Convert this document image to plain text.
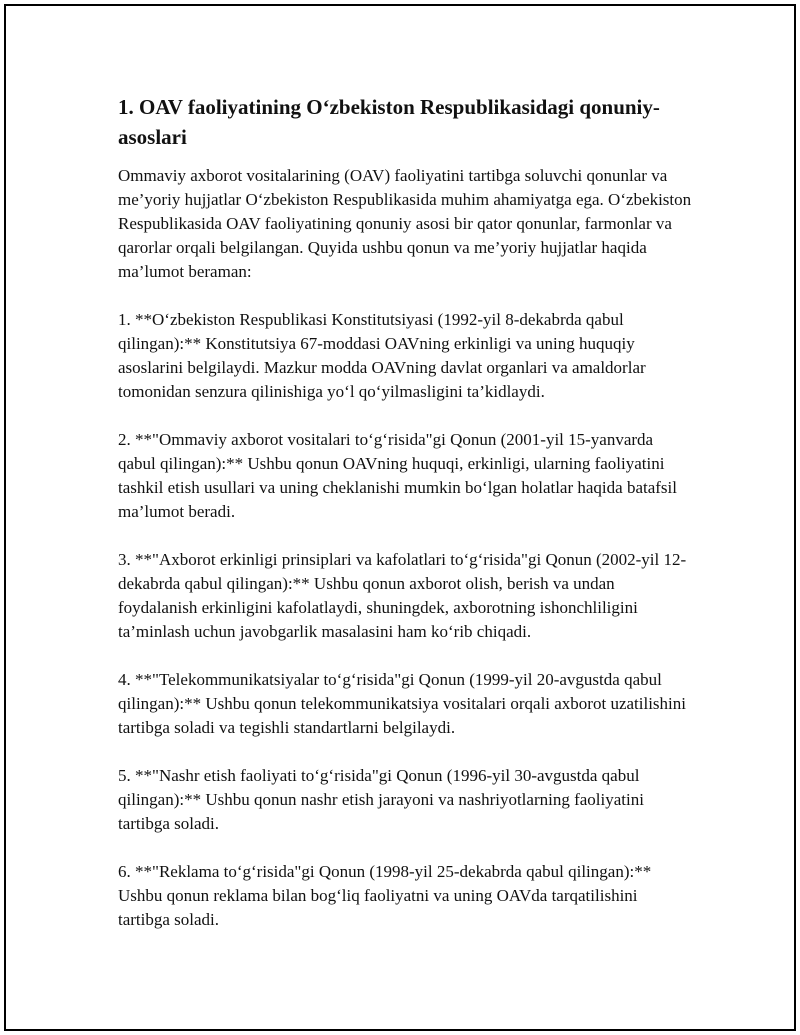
1. OAV faoliyatining O‘zbekiston Respublikasidagi qonuniy-asoslari

Ommaviy axborot vositalarining (OAV) faoliyatini tartibga soluvchi qonunlar va me’yoriy hujjatlar O‘zbekiston Respublikasida muhim ahamiyatga ega. O‘zbekiston Respublikasida OAV faoliyatining qonuniy asosi bir qator qonunlar, farmonlar va qarorlar orqali belgilangan. Quyida ushbu qonun va me’yoriy hujjatlar haqida ma’lumot beraman:

1. **O‘zbekiston Respublikasi Konstitutsiyasi (1992-yil 8-dekabrda qabul qilingan):** Konstitutsiya 67-moddasi OAVning erkinligi va uning huquqiy asoslarini belgilaydi. Mazkur modda OAVning davlat organlari va amaldorlar tomonidan senzura qilinishiga yo‘l qo‘yilmasligini ta’kidlaydi.

2. **"Ommaviy axborot vositalari to‘g‘risida"gi Qonun (2001-yil 15-yanvarda qabul qilingan):** Ushbu qonun OAVning huquqi, erkinligi, ularning faoliyatini tashkil etish usullari va uning cheklanishi mumkin bo‘lgan holatlar haqida batafsil ma’lumot beradi.

3. **"Axborot erkinligi prinsiplari va kafolatlari to‘g‘risida"gi Qonun (2002-yil 12-dekabrda qabul qilingan):** Ushbu qonun axborot olish, berish va undan foydalanish erkinligini kafolatlaydi, shuningdek, axborotning ishonchliligini ta’minlash uchun javobgarlik masalasini ham ko‘rib chiqadi.

4. **"Telekommunikatsiyalar to‘g‘risida"gi Qonun (1999-yil 20-avgustda qabul qilingan):** Ushbu qonun telekommunikatsiya vositalari orqali axborot uzatilishini tartibga soladi va tegishli standartlarni belgilaydi.

5. **"Nashr etish faoliyati to‘g‘risida"gi Qonun (1996-yil 30-avgustda qabul qilingan):** Ushbu qonun nashr etish jarayoni va nashriyotlarning faoliyatini tartibga soladi.

6. **"Reklama to‘g‘risida"gi Qonun (1998-yil 25-dekabrda qabul qilingan):** Ushbu qonun reklama bilan bog‘liq faoliyatni va uning OAVda tarqatilishini tartibga soladi.
